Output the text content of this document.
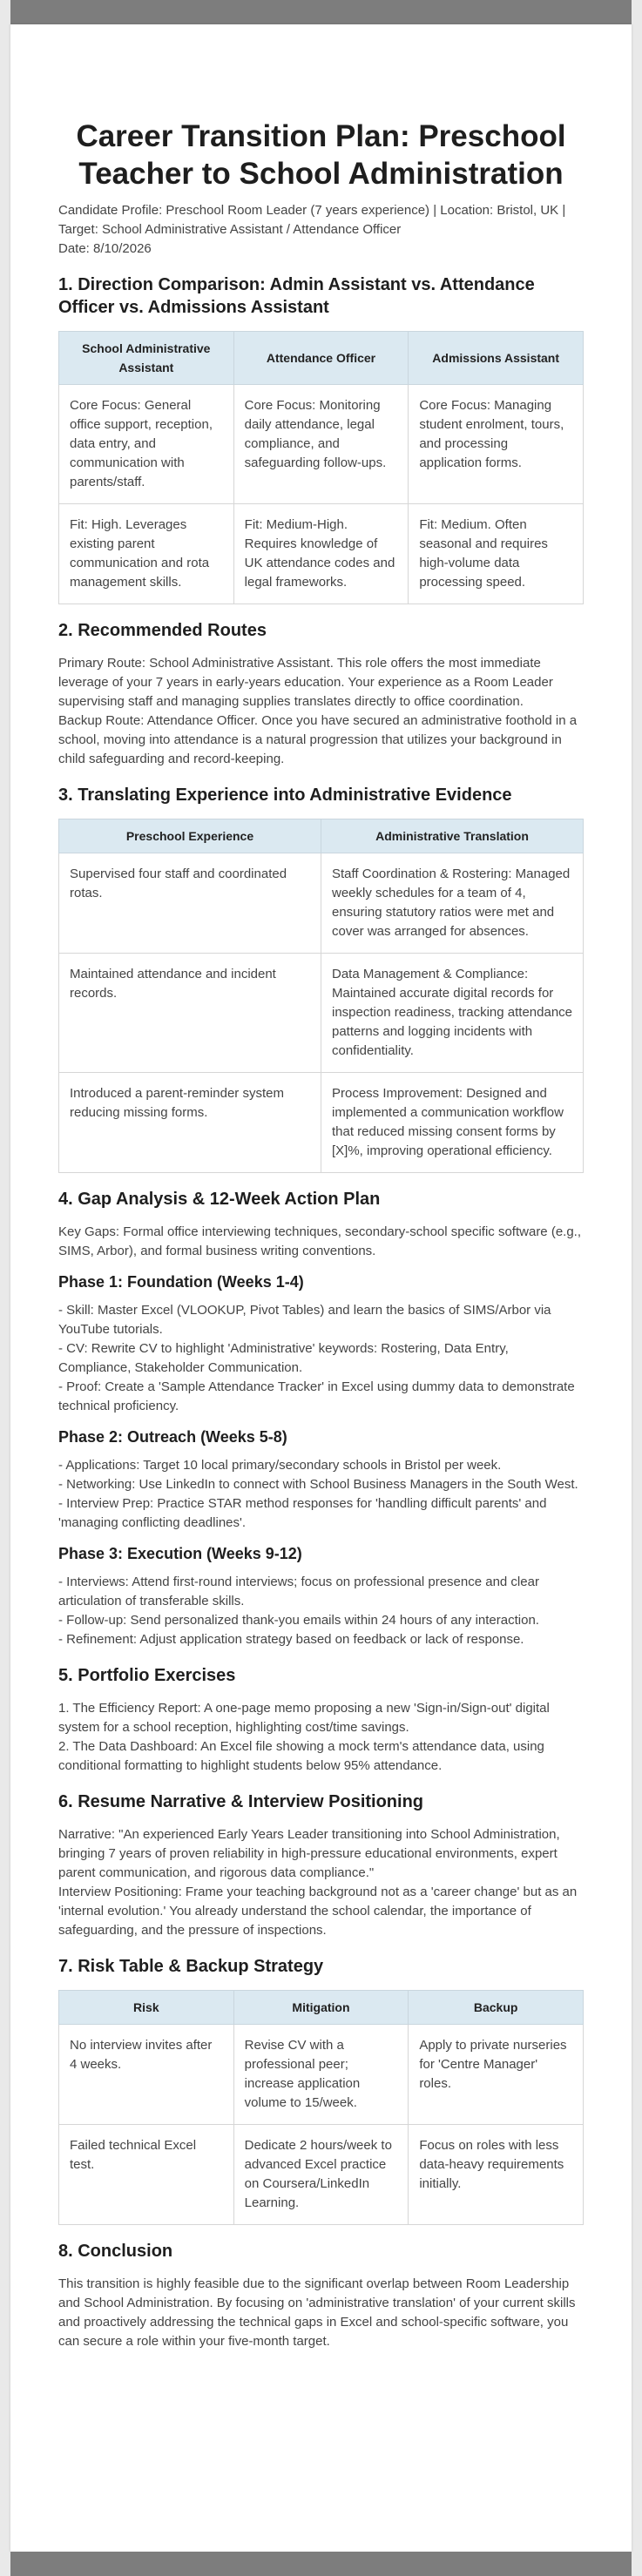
Career Transition Plan: Preschool Teacher to School Administration

Candidate Profile: Preschool Room Leader (7 years experience) | Location: Bristol, UK | Target: School Administrative Assistant / Attendance Officer

Date: 8/10/2026

1. Direction Comparison: Admin Assistant vs. Attendance Officer vs. Admissions Assistant
School Administrative Assistant	Attendance Officer	Admissions Assistant
Core Focus: General office support, reception, data entry, and communication with parents/staff.	Core Focus: Monitoring daily attendance, legal compliance, and safeguarding follow-ups.	Core Focus: Managing student enrolment, tours, and processing application forms.
Fit: High. Leverages existing parent communication and rota management skills.	Fit: Medium-High. Requires knowledge of UK attendance codes and legal frameworks.	Fit: Medium. Often seasonal and requires high-volume data processing speed.
2. Recommended Routes

Primary Route: School Administrative Assistant. This role offers the most immediate leverage of your 7 years in early-years education. Your experience as a Room Leader supervising staff and managing supplies translates directly to office coordination.

Backup Route: Attendance Officer. Once you have secured an administrative foothold in a school, moving into attendance is a natural progression that utilizes your background in child safeguarding and record-keeping.

3. Translating Experience into Administrative Evidence
Preschool Experience	Administrative Translation
Supervised four staff and coordinated rotas.	Staff Coordination & Rostering: Managed weekly schedules for a team of 4, ensuring statutory ratios were met and cover was arranged for absences.
Maintained attendance and incident records.	Data Management & Compliance: Maintained accurate digital records for inspection readiness, tracking attendance patterns and logging incidents with confidentiality.
Introduced a parent-reminder system reducing missing forms.	Process Improvement: Designed and implemented a communication workflow that reduced missing consent forms by [X]%, improving operational efficiency.
4. Gap Analysis & 12-Week Action Plan

Key Gaps: Formal office interviewing techniques, secondary-school specific software (e.g., SIMS, Arbor), and formal business writing conventions.

Phase 1: Foundation (Weeks 1-4)
- Skill: Master Excel (VLOOKUP, Pivot Tables) and learn the basics of SIMS/Arbor via YouTube tutorials.
- CV: Rewrite CV to highlight 'Administrative' keywords: Rostering, Data Entry, Compliance, Stakeholder Communication.
- Proof: Create a 'Sample Attendance Tracker' in Excel using dummy data to demonstrate technical proficiency.
Phase 2: Outreach (Weeks 5-8)
- Applications: Target 10 local primary/secondary schools in Bristol per week.
- Networking: Use LinkedIn to connect with School Business Managers in the South West.
- Interview Prep: Practice STAR method responses for 'handling difficult parents' and 'managing conflicting deadlines'.
Phase 3: Execution (Weeks 9-12)
- Interviews: Attend first-round interviews; focus on professional presence and clear articulation of transferable skills.
- Follow-up: Send personalized thank-you emails within 24 hours of any interaction.
- Refinement: Adjust application strategy based on feedback or lack of response.
5. Portfolio Exercises
1. The Efficiency Report: A one-page memo proposing a new 'Sign-in/Sign-out' digital system for a school reception, highlighting cost/time savings.
2. The Data Dashboard: An Excel file showing a mock term's attendance data, using conditional formatting to highlight students below 95% attendance.
6. Resume Narrative & Interview Positioning

Narrative: "An experienced Early Years Leader transitioning into School Administration, bringing 7 years of proven reliability in high-pressure educational environments, expert parent communication, and rigorous data compliance."

Interview Positioning: Frame your teaching background not as a 'career change' but as an 'internal evolution.' You already understand the school calendar, the importance of safeguarding, and the pressure of inspections.

7. Risk Table & Backup Strategy
Risk	Mitigation	Backup
No interview invites after 4 weeks.	Revise CV with a professional peer; increase application volume to 15/week.	Apply to private nurseries for 'Centre Manager' roles.
Failed technical Excel test.	Dedicate 2 hours/week to advanced Excel practice on Coursera/LinkedIn Learning.	Focus on roles with less data-heavy requirements initially.
8. Conclusion

This transition is highly feasible due to the significant overlap between Room Leadership and School Administration. By focusing on 'administrative translation' of your current skills and proactively addressing the technical gaps in Excel and school-specific software, you can secure a role within your five-month target.
